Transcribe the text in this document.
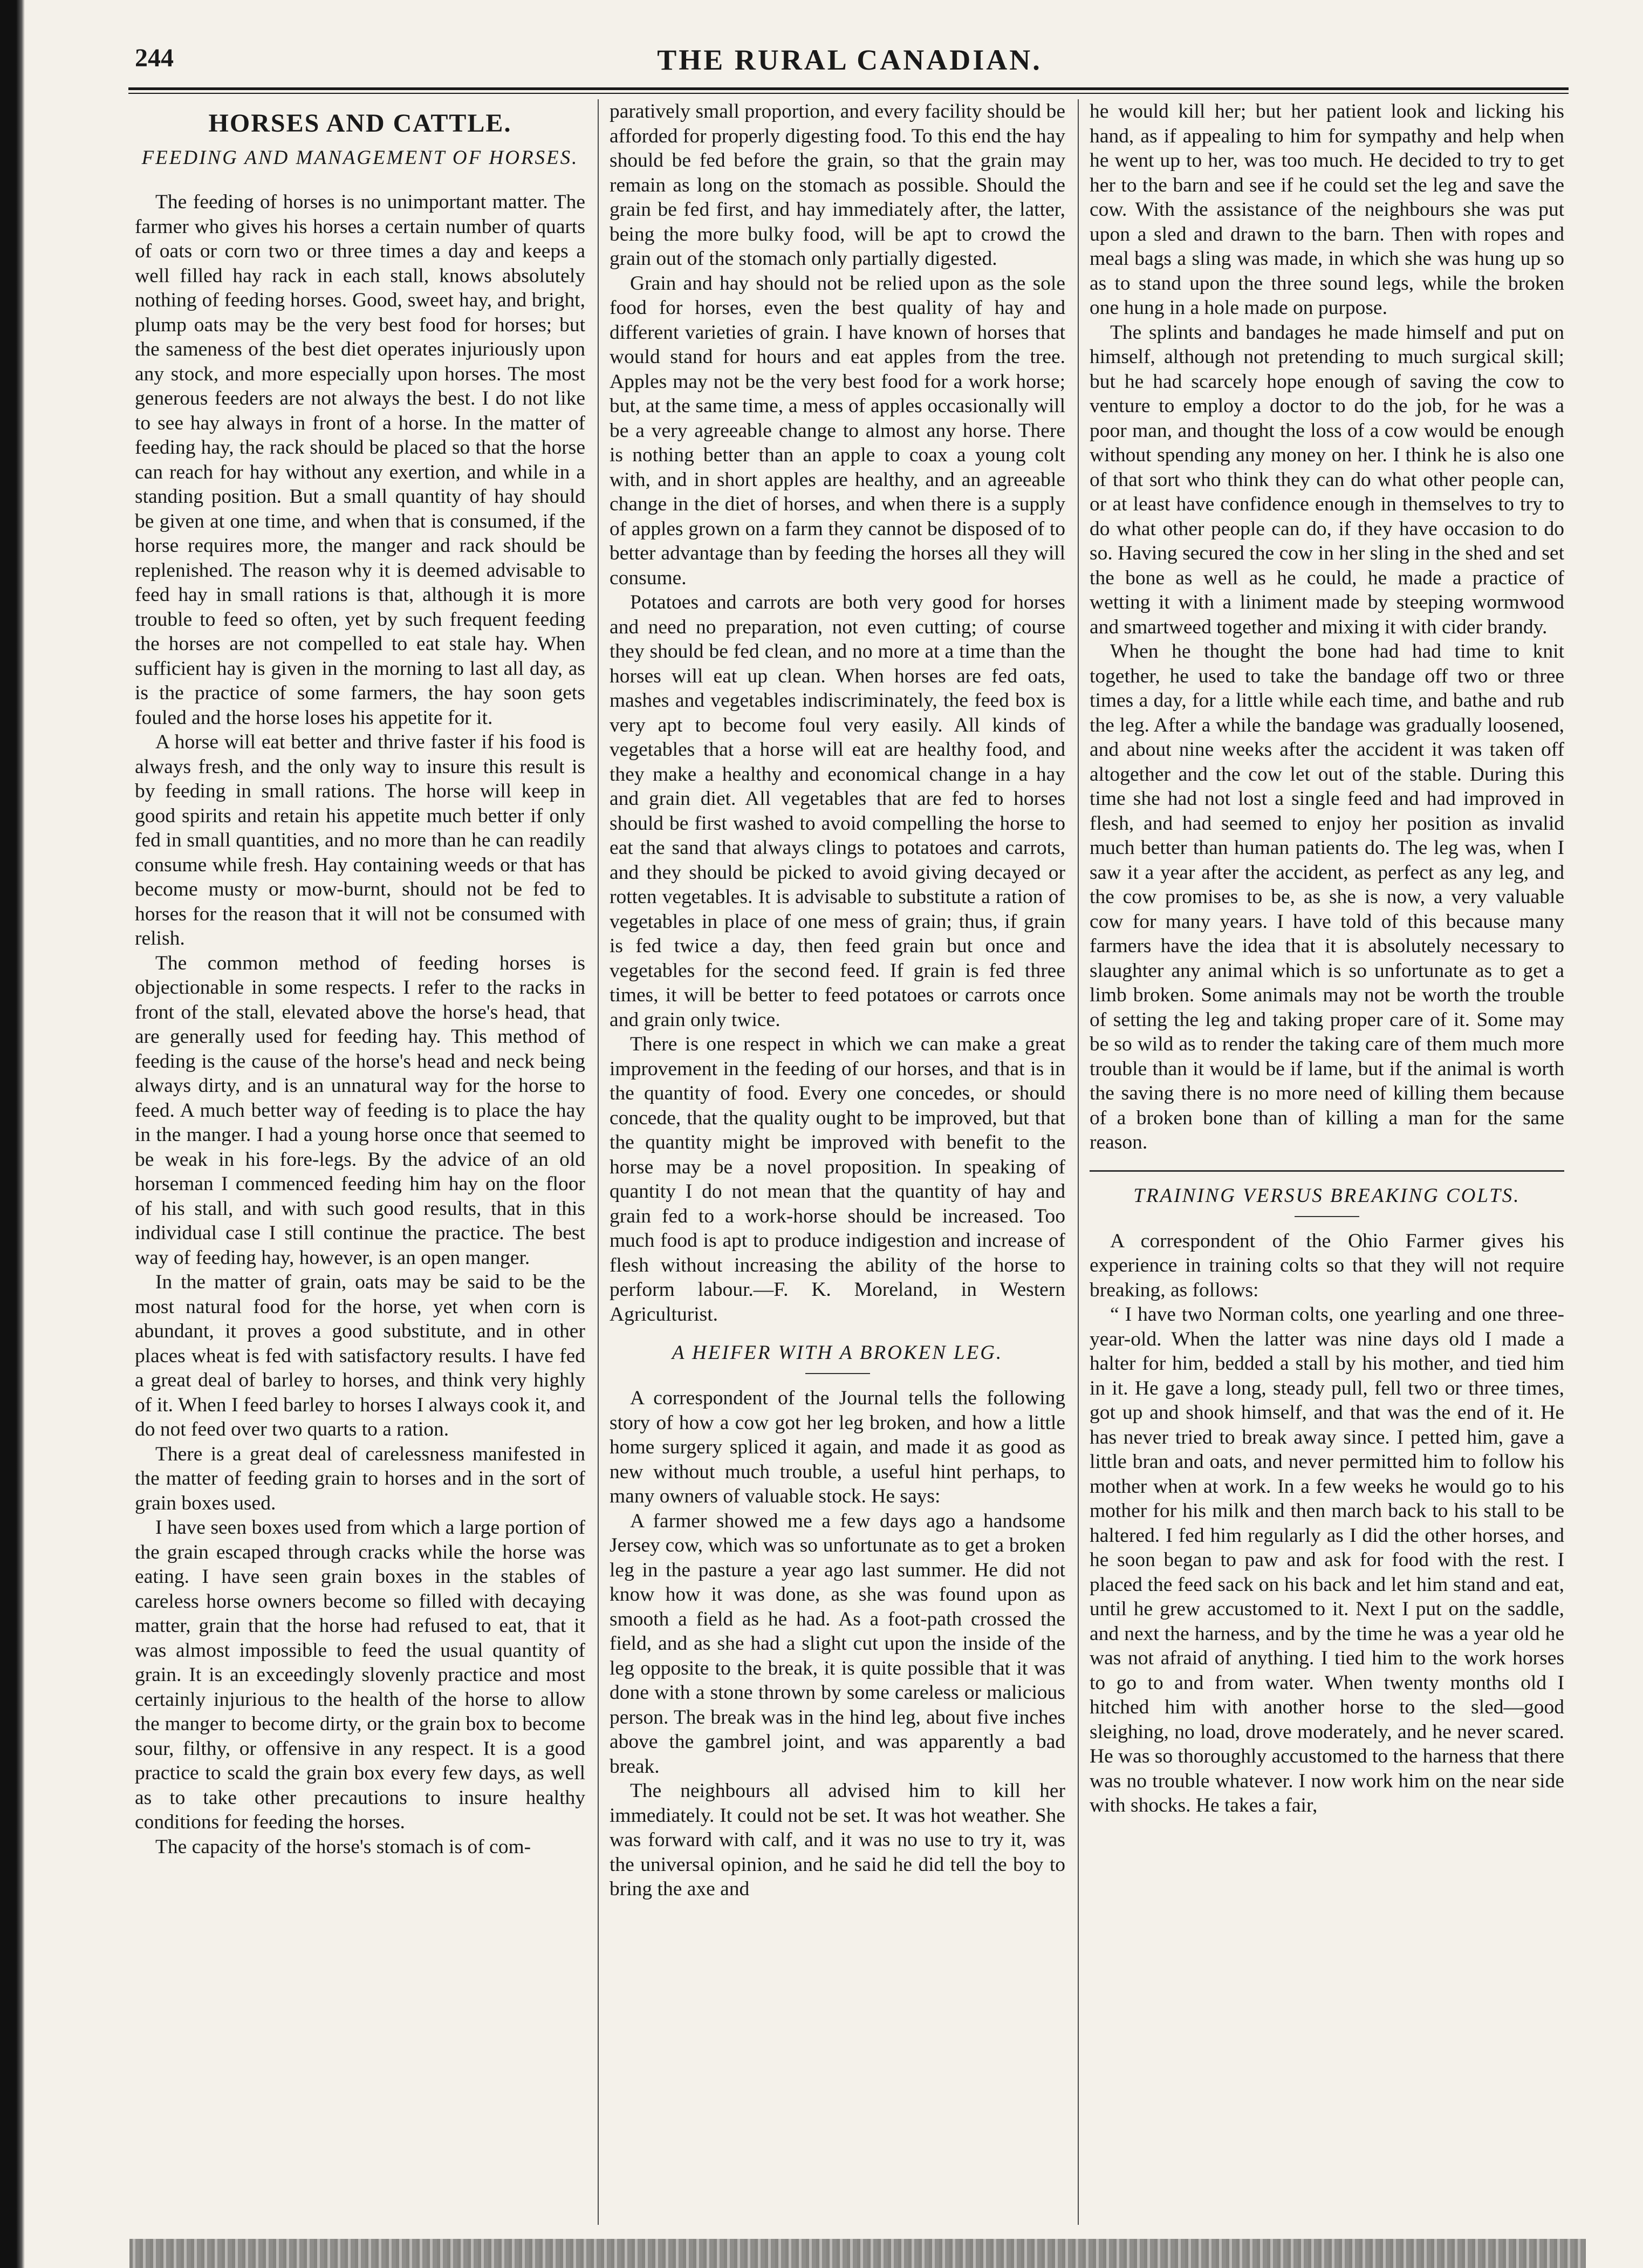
244	THE RURAL CANADIAN.
HORSES AND CATTLE.
FEEDING AND MANAGEMENT OF HORSES.

The feeding of horses is no unimportant matter. The farmer who gives his horses a certain number of quarts of oats or corn two or three times a day and keeps a well filled hay rack in each stall, knows absolutely nothing of feeding horses. Good, sweet hay, and bright, plump oats may be the very best food for horses; but the sameness of the best diet operates injuriously upon any stock, and more especially upon horses. The most generous feeders are not always the best. I do not like to see hay always in front of a horse. In the matter of feeding hay, the rack should be placed so that the horse can reach for hay without any exertion, and while in a standing position. But a small quantity of hay should be given at one time, and when that is consumed, if the horse requires more, the manger and rack should be replenished. The reason why it is deemed advisable to feed hay in small rations is that, although it is more trouble to feed so often, yet by such frequent feeding the horses are not compelled to eat stale hay. When sufficient hay is given in the morning to last all day, as is the practice of some farmers, the hay soon gets fouled and the horse loses his appetite for it.

A horse will eat better and thrive faster if his food is always fresh, and the only way to insure this result is by feeding in small rations. The horse will keep in good spirits and retain his appetite much better if only fed in small quantities, and no more than he can readily consume while fresh. Hay containing weeds or that has become musty or mow-burnt, should not be fed to horses for the reason that it will not be consumed with relish.

The common method of feeding horses is objectionable in some respects. I refer to the racks in front of the stall, elevated above the horse's head, that are generally used for feeding hay. This method of feeding is the cause of the horse's head and neck being always dirty, and is an unnatural way for the horse to feed. A much better way of feeding is to place the hay in the manger. I had a young horse once that seemed to be weak in his fore-legs. By the advice of an old horseman I commenced feeding him hay on the floor of his stall, and with such good results, that in this individual case I still continue the practice. The best way of feeding hay, however, is an open manger.

In the matter of grain, oats may be said to be the most natural food for the horse, yet when corn is abundant, it proves a good substitute, and in other places wheat is fed with satisfactory results. I have fed a great deal of barley to horses, and think very highly of it. When I feed barley to horses I always cook it, and do not feed over two quarts to a ration.

There is a great deal of carelessness manifested in the matter of feeding grain to horses and in the sort of grain boxes used.

I have seen boxes used from which a large portion of the grain escaped through cracks while the horse was eating. I have seen grain boxes in the stables of careless horse owners become so filled with decaying matter, grain that the horse had refused to eat, that it was almost impossible to feed the usual quantity of grain. It is an exceedingly slovenly practice and most certainly injurious to the health of the horse to allow the manger to become dirty, or the grain box to become sour, filthy, or offensive in any respect. It is a good practice to scald the grain box every few days, as well as to take other precautions to insure healthy conditions for feeding the horses.

The capacity of the horse's stomach is of com-

paratively small proportion, and every facility should be afforded for properly digesting food. To this end the hay should be fed before the grain, so that the grain may remain as long on the stomach as possible. Should the grain be fed first, and hay immediately after, the latter, being the more bulky food, will be apt to crowd the grain out of the stomach only partially digested.

Grain and hay should not be relied upon as the sole food for horses, even the best quality of hay and different varieties of grain. I have known of horses that would stand for hours and eat apples from the tree. Apples may not be the very best food for a work horse; but, at the same time, a mess of apples occasionally will be a very agreeable change to almost any horse. There is nothing better than an apple to coax a young colt with, and in short apples are healthy, and an agreeable change in the diet of horses, and when there is a supply of apples grown on a farm they cannot be disposed of to better advantage than by feeding the horses all they will consume.

Potatoes and carrots are both very good for horses and need no preparation, not even cutting; of course they should be fed clean, and no more at a time than the horses will eat up clean. When horses are fed oats, mashes and vegetables indiscriminately, the feed box is very apt to become foul very easily. All kinds of vegetables that a horse will eat are healthy food, and they make a healthy and economical change in a hay and grain diet. All vegetables that are fed to horses should be first washed to avoid compelling the horse to eat the sand that always clings to potatoes and carrots, and they should be picked to avoid giving decayed or rotten vegetables. It is advisable to substitute a ration of vegetables in place of one mess of grain; thus, if grain is fed twice a day, then feed grain but once and vegetables for the second feed. If grain is fed three times, it will be better to feed potatoes or carrots once and grain only twice.

There is one respect in which we can make a great improvement in the feeding of our horses, and that is in the quantity of food. Every one concedes, or should concede, that the quality ought to be improved, but that the quantity might be improved with benefit to the horse may be a novel proposition. In speaking of quantity I do not mean that the quantity of hay and grain fed to a work-horse should be increased. Too much food is apt to produce indigestion and increase of flesh without increasing the ability of the horse to perform labour.—F. K. Moreland, in Western Agriculturist.

A HEIFER WITH A BROKEN LEG.

A correspondent of the Journal tells the following story of how a cow got her leg broken, and how a little home surgery spliced it again, and made it as good as new without much trouble, a useful hint perhaps, to many owners of valuable stock. He says:

A farmer showed me a few days ago a handsome Jersey cow, which was so unfortunate as to get a broken leg in the pasture a year ago last summer. He did not know how it was done, as she was found upon as smooth a field as he had. As a foot-path crossed the field, and as she had a slight cut upon the inside of the leg opposite to the break, it is quite possible that it was done with a stone thrown by some careless or malicious person. The break was in the hind leg, about five inches above the gambrel joint, and was apparently a bad break.

The neighbours all advised him to kill her immediately. It could not be set. It was hot weather. She was forward with calf, and it was no use to try it, was the universal opinion, and he said he did tell the boy to bring the axe and

he would kill her; but her patient look and licking his hand, as if appealing to him for sympathy and help when he went up to her, was too much. He decided to try to get her to the barn and see if he could set the leg and save the cow. With the assistance of the neighbours she was put upon a sled and drawn to the barn. Then with ropes and meal bags a sling was made, in which she was hung up so as to stand upon the three sound legs, while the broken one hung in a hole made on purpose.

The splints and bandages he made himself and put on himself, although not pretending to much surgical skill; but he had scarcely hope enough of saving the cow to venture to employ a doctor to do the job, for he was a poor man, and thought the loss of a cow would be enough without spending any money on her. I think he is also one of that sort who think they can do what other people can, or at least have confidence enough in themselves to try to do what other people can do, if they have occasion to do so. Having secured the cow in her sling in the shed and set the bone as well as he could, he made a practice of wetting it with a liniment made by steeping wormwood and smartweed together and mixing it with cider brandy.

When he thought the bone had had time to knit together, he used to take the bandage off two or three times a day, for a little while each time, and bathe and rub the leg. After a while the bandage was gradually loosened, and about nine weeks after the accident it was taken off altogether and the cow let out of the stable. During this time she had not lost a single feed and had improved in flesh, and had seemed to enjoy her position as invalid much better than human patients do. The leg was, when I saw it a year after the accident, as perfect as any leg, and the cow promises to be, as she is now, a very valuable cow for many years. I have told of this because many farmers have the idea that it is absolutely necessary to slaughter any animal which is so unfortunate as to get a limb broken. Some animals may not be worth the trouble of setting the leg and taking proper care of it. Some may be so wild as to render the taking care of them much more trouble than it would be if lame, but if the animal is worth the saving there is no more need of killing them because of a broken bone than of killing a man for the same reason.

TRAINING VERSUS BREAKING COLTS.

A correspondent of the Ohio Farmer gives his experience in training colts so that they will not require breaking, as follows:

“ I have two Norman colts, one yearling and one three-year-old. When the latter was nine days old I made a halter for him, bedded a stall by his mother, and tied him in it. He gave a long, steady pull, fell two or three times, got up and shook himself, and that was the end of it. He has never tried to break away since. I petted him, gave a little bran and oats, and never permitted him to follow his mother when at work. In a few weeks he would go to his mother for his milk and then march back to his stall to be haltered. I fed him regularly as I did the other horses, and he soon began to paw and ask for food with the rest. I placed the feed sack on his back and let him stand and eat, until he grew accustomed to it. Next I put on the saddle, and next the harness, and by the time he was a year old he was not afraid of anything. I tied him to the work horses to go to and from water. When twenty months old I hitched him with another horse to the sled—good sleighing, no load, drove moderately, and he never scared. He was so thoroughly accustomed to the harness that there was no trouble whatever. I now work him on the near side with shocks. He takes a fair,
